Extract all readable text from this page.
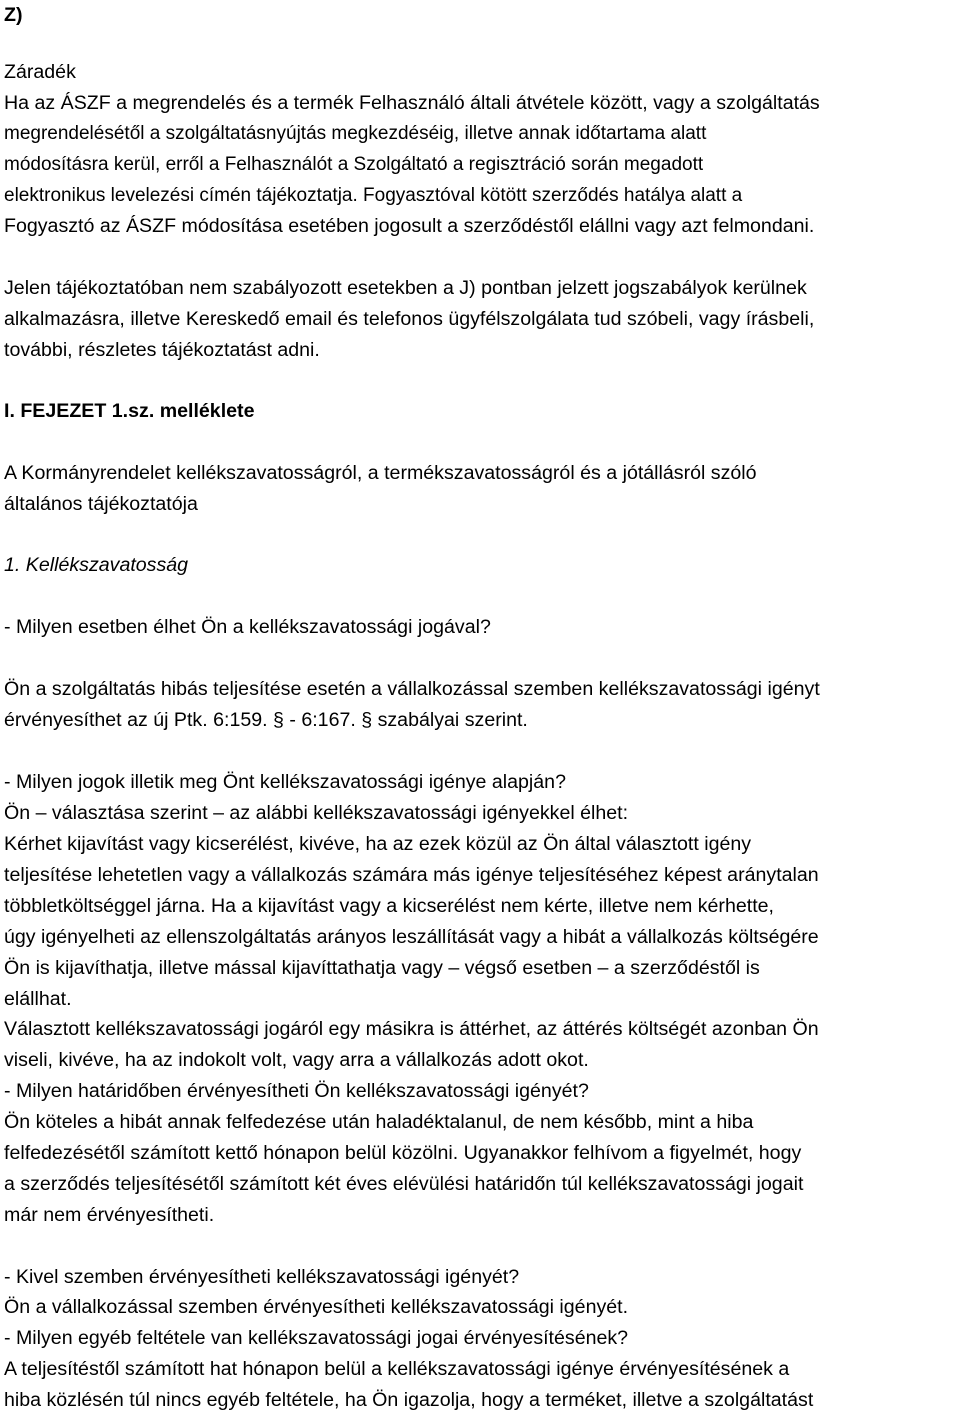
Z)
Záradék
Ha az ÁSZF a megrendelés és a termék Felhasználó általi átvétele között, vagy a szolgáltatás
megrendelésétől a szolgáltatásnyújtás megkezdéséig, illetve annak időtartama alatt
módosításra kerül, erről a Felhasználót a Szolgáltató a regisztráció során megadott
elektronikus levelezési címén tájékoztatja. Fogyasztóval kötött szerződés hatálya alatt a
Fogyasztó az ÁSZF módosítása esetében jogosult a szerződéstől elállni vagy azt felmondani.
Jelen tájékoztatóban nem szabályozott esetekben a J) pontban jelzett jogszabályok kerülnek
alkalmazásra, illetve Kereskedő email és telefonos ügyfélszolgálata tud szóbeli, vagy írásbeli,
további, részletes tájékoztatást adni.
I. FEJEZET 1.sz. melléklete
A Kormányrendelet kellékszavatosságról, a termékszavatosságról és a jótállásról szóló
általános tájékoztatója
1. Kellékszavatosság
- Milyen esetben élhet Ön a kellékszavatossági jogával?
Ön a szolgáltatás hibás teljesítése esetén a vállalkozással szemben kellékszavatossági igényt
érvényesíthet az új Ptk. 6:159. § - 6:167. § szabályai szerint.
- Milyen jogok illetik meg Önt kellékszavatossági igénye alapján?
Ön – választása szerint – az alábbi kellékszavatossági igényekkel élhet:
Kérhet kijavítást vagy kicserélést, kivéve, ha az ezek közül az Ön által választott igény
teljesítése lehetetlen vagy a vállalkozás számára más igénye teljesítéséhez képest aránytalan
többletköltséggel járna. Ha a kijavítást vagy a kicserélést nem kérte, illetve nem kérhette,
úgy igényelheti az ellenszolgáltatás arányos leszállítását vagy a hibát a vállalkozás költségére
Ön is kijavíthatja, illetve mással kijavíttathatja vagy – végső esetben – a szerződéstől is
elállhat.
Választott kellékszavatossági jogáról egy másikra is áttérhet, az áttérés költségét azonban Ön
viseli, kivéve, ha az indokolt volt, vagy arra a vállalkozás adott okot.
- Milyen határidőben érvényesítheti Ön kellékszavatossági igényét?
Ön köteles a hibát annak felfedezése után haladéktalanul, de nem később, mint a hiba
felfedezésétől számított kettő hónapon belül közölni. Ugyanakkor felhívom a figyelmét, hogy
a szerződés teljesítésétől számított két éves elévülési határidőn túl kellékszavatossági jogait
már nem érvényesítheti.
- Kivel szemben érvényesítheti kellékszavatossági igényét?
Ön a vállalkozással szemben érvényesítheti kellékszavatossági igényét.
- Milyen egyéb feltétele van kellékszavatossági jogai érvényesítésének?
A teljesítéstől számított hat hónapon belül a kellékszavatossági igénye érvényesítésének a
hiba közlésén túl nincs egyéb feltétele, ha Ön igazolja, hogy a terméket, illetve a szolgáltatást
